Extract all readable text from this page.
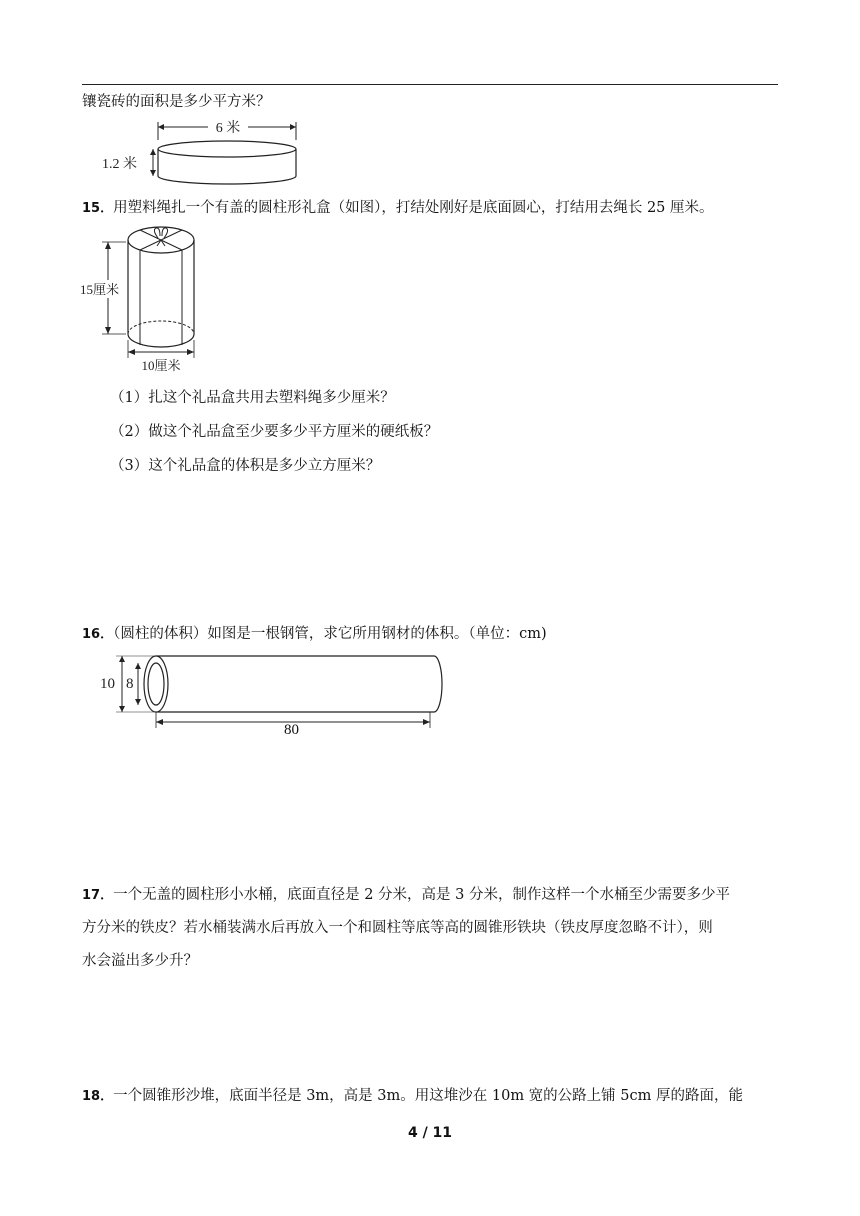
镶瓷砖的面积是多少平方米？
6 米
1.2 米
15．用塑料绳扎一个有盖的圆柱形礼盒（如图），打结处刚好是底面圆心，打结用去绳长 25 厘米。
15厘米
10厘米
（1）扎这个礼品盒共用去塑料绳多少厘米？
（2）做这个礼品盒至少要多少平方厘米的硬纸板？
（3）这个礼品盒的体积是多少立方厘米？
16．（圆柱的体积）如图是一根钢管，求它所用钢材的体积。（单位：cm)
10 8
80
17．一个无盖的圆柱形小水桶，底面直径是 2 分米，高是 3 分米，制作这样一个水桶至少需要多少平
方分米的铁皮？若水桶装满水后再放入一个和圆柱等底等高的圆锥形铁块（铁皮厚度忽略不计），则
水会溢出多少升？
18．一个圆锥形沙堆，底面半径是 3m，高是 3m。用这堆沙在 10m 宽的公路上铺 5cm 厚的路面，能
4 / 11
